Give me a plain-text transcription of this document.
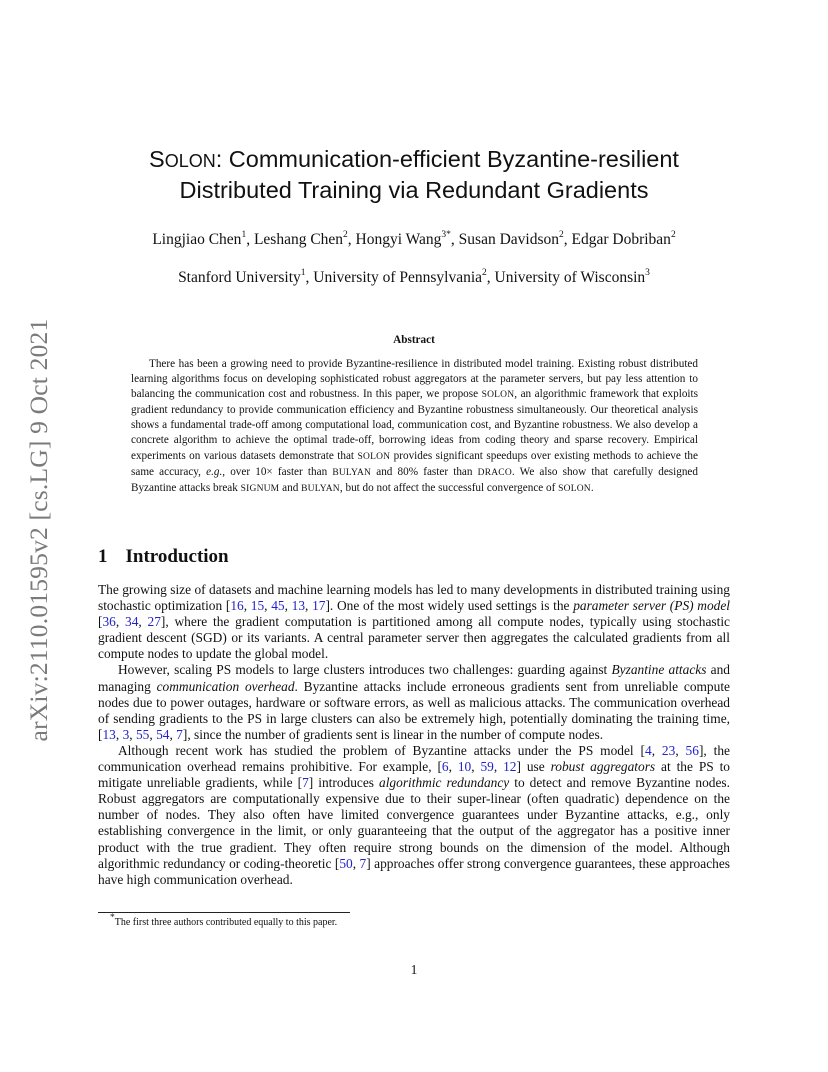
arXiv:2110.01595v2 [cs.LG] 9 Oct 2021
SOLON: Communication-efficient Byzantine-resilient
Distributed Training via Redundant Gradients
Lingjiao Chen$^1$, Leshang Chen$^2$, Hongyi Wang$^{3*}$, Susan Davidson$^2$, Edgar Dobriban$^2$
Stanford University$^1$, University of Pennsylvania$^2$, University of Wisconsin$^3$
Abstract
There has been a growing need to provide Byzantine-resilience in distributed model training. Existing robust distributed learning algorithms focus on developing sophisticated robust aggregators at the parameter servers, but pay less attention to balancing the communication cost and robustness. In this paper, we propose SOLON, an algorithmic framework that exploits gradient redundancy to provide communication efficiency and Byzantine robustness simultaneously. Our theoretical analysis shows a fundamental trade-off among computational load, communication cost, and Byzantine robustness. We also develop a concrete algorithm to achieve the optimal trade-off, borrowing ideas from coding theory and sparse recovery. Empirical experiments on various datasets demonstrate that SOLON provides significant speedups over existing methods to achieve the same accuracy, e.g., over 10× faster than BULYAN and 80% faster than DRACO. We also show that carefully designed Byzantine attacks break SIGNUM and BULYAN, but do not affect the successful convergence of SOLON.
1 Introduction

The growing size of datasets and machine learning models has led to many developments in distributed training using stochastic optimization [16, 15, 45, 13, 17]. One of the most widely used settings is the parameter server (PS) model [36, 34, 27], where the gradient computation is partitioned among all compute nodes, typically using stochastic gradient descent (SGD) or its variants. A central parameter server then aggregates the calculated gradients from all compute nodes to update the global model.

However, scaling PS models to large clusters introduces two challenges: guarding against Byzantine attacks and managing communication overhead. Byzantine attacks include erroneous gradients sent from unreliable compute nodes due to power outages, hardware or software errors, as well as malicious attacks. The communication overhead of sending gradients to the PS in large clusters can also be extremely high, potentially dominating the training time, [13, 3, 55, 54, 7], since the number of gradients sent is linear in the number of compute nodes.

Although recent work has studied the problem of Byzantine attacks under the PS model [4, 23, 56], the communication overhead remains prohibitive. For example, [6, 10, 59, 12] use robust aggregators at the PS to mitigate unreliable gradients, while [7] introduces algorithmic redundancy to detect and remove Byzantine nodes. Robust aggregators are computationally expensive due to their super-linear (often quadratic) dependence on the number of nodes. They also often have limited convergence guarantees under Byzantine attacks, e.g., only establishing convergence in the limit, or only guaranteeing that the output of the aggregator has a positive inner product with the true gradient. They often require strong bounds on the dimension of the model. Although algorithmic redundancy or coding-theoretic [50, 7] approaches offer strong convergence guarantees, these approaches have high communication overhead.

*The first three authors contributed equally to this paper.
1
